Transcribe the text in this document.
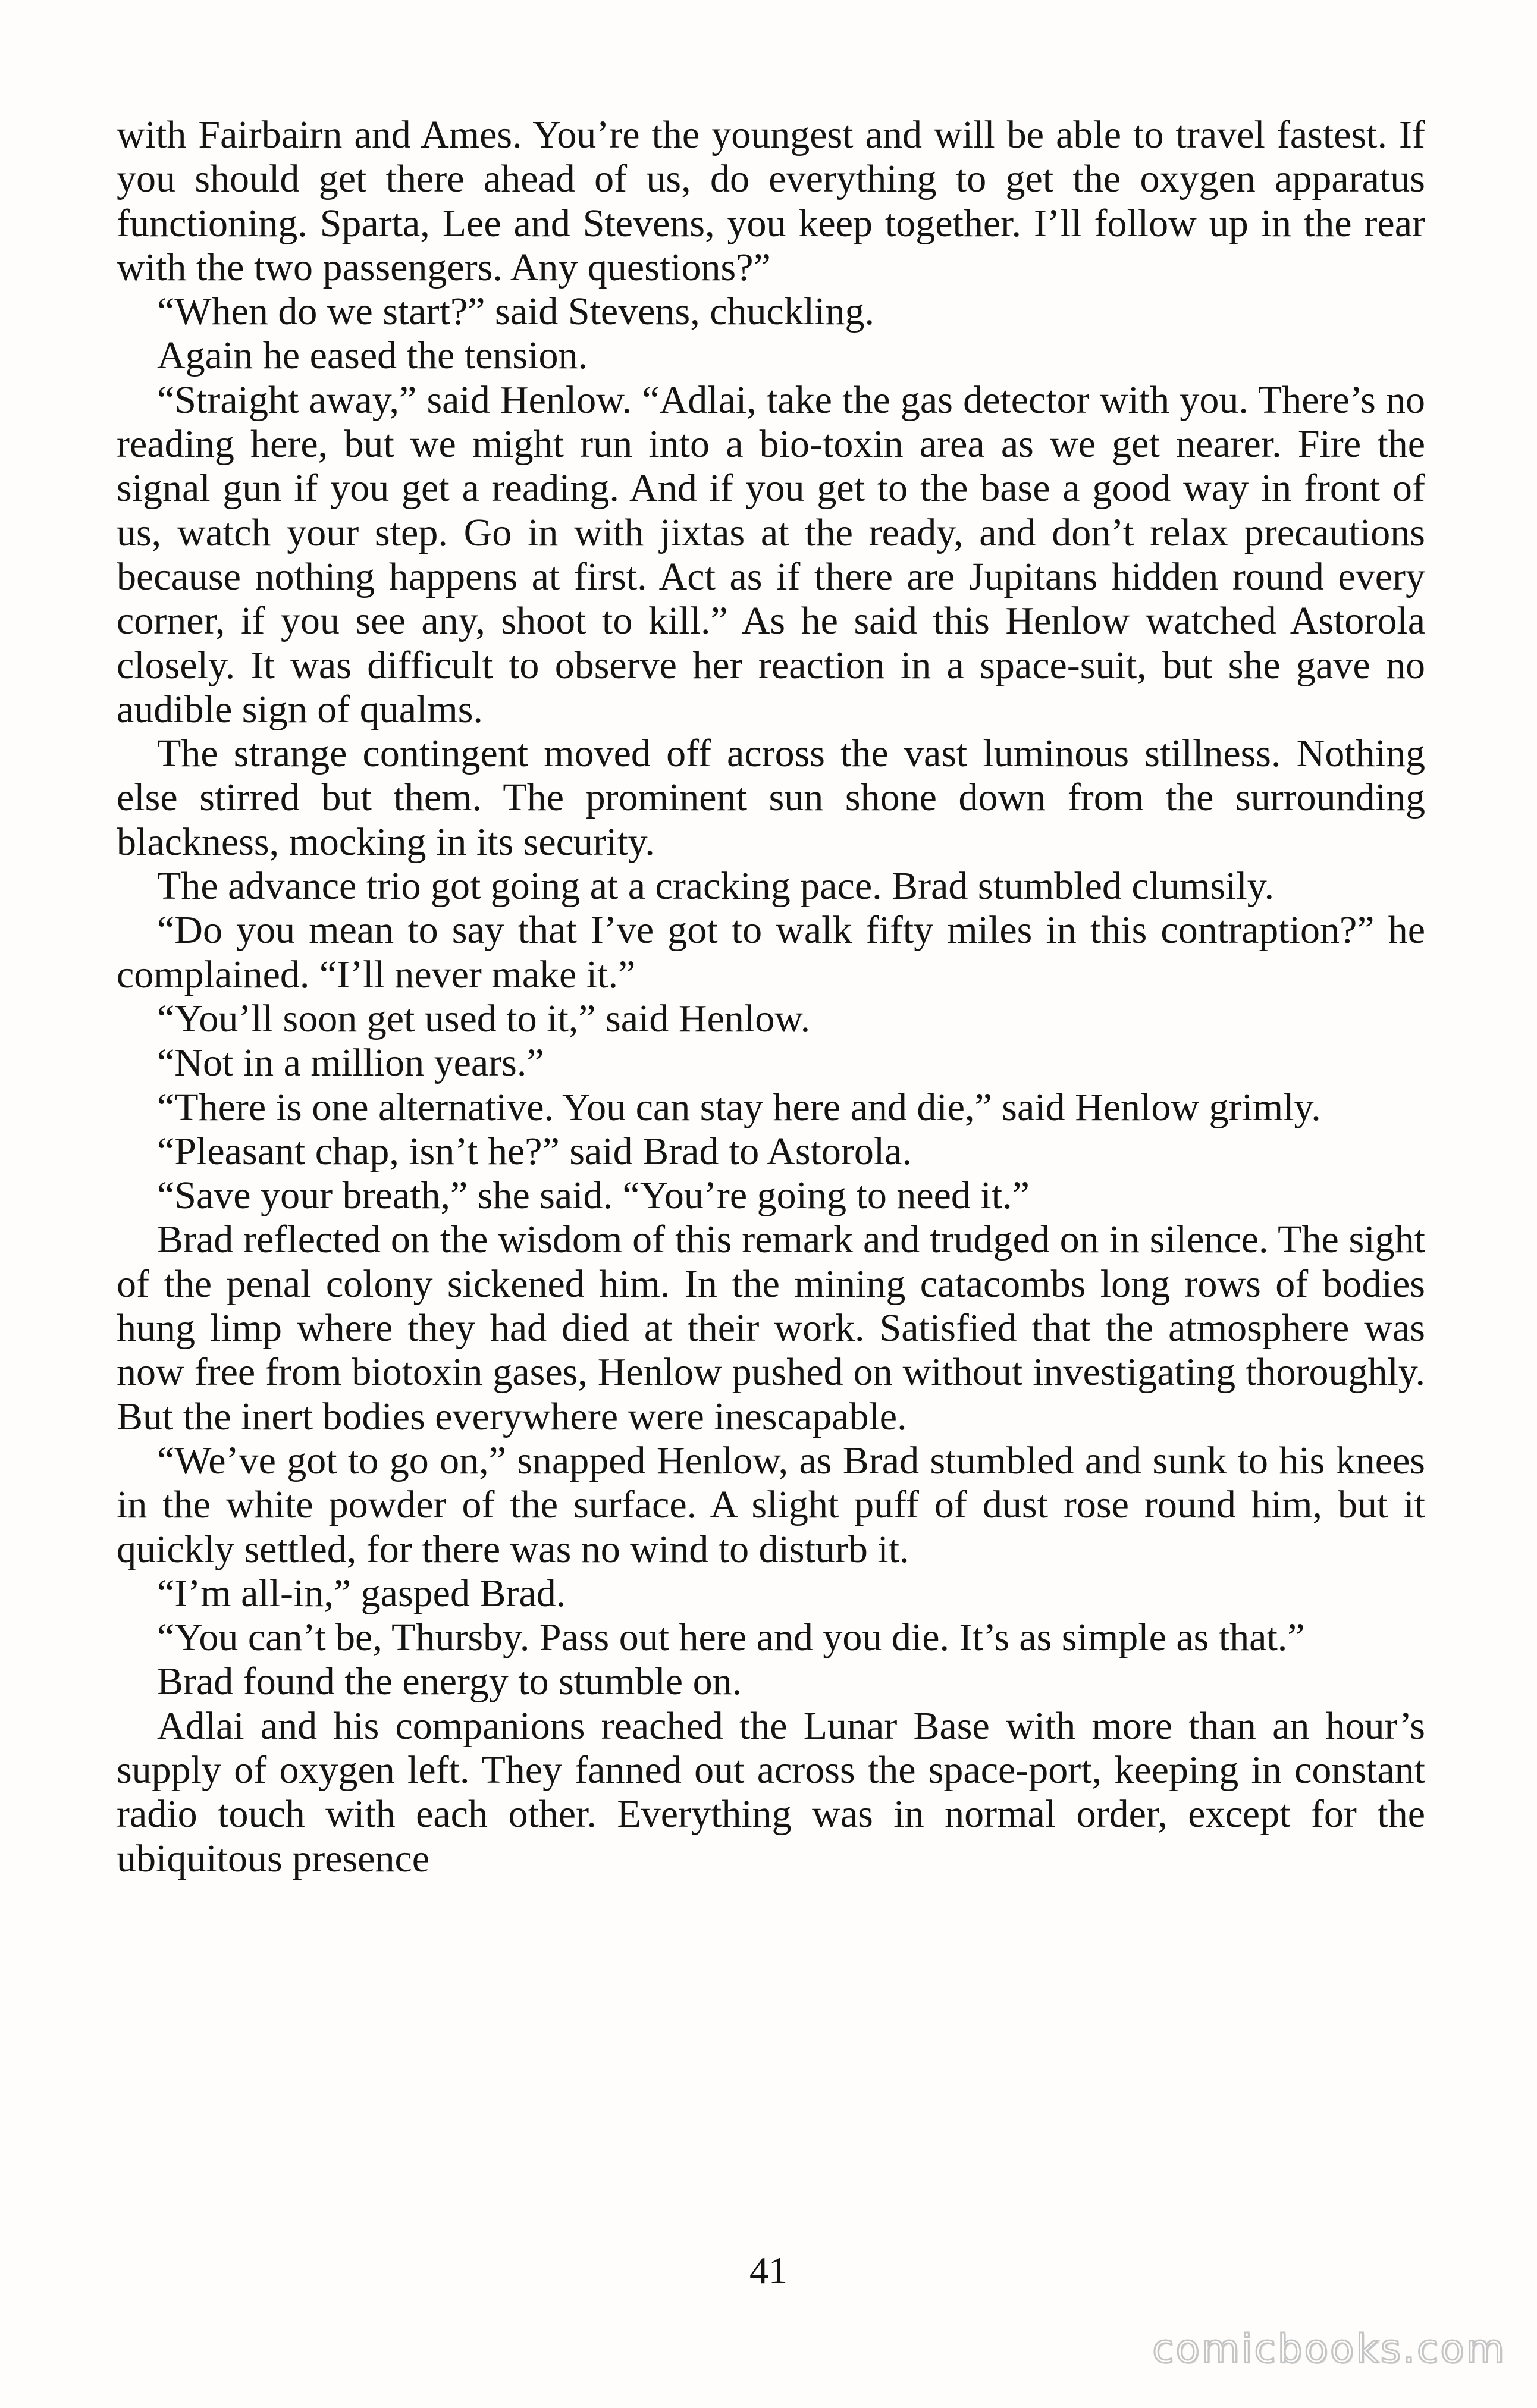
with Fairbairn and Ames. You’re the youngest and will be able to travel fastest. If you should get there ahead of us, do everything to get the oxygen apparatus functioning. Sparta, Lee and Stevens, you keep together. I’ll follow up in the rear with the two passengers. Any questions?”

“When do we start?” said Stevens, chuckling.

Again he eased the tension.

“Straight away,” said Henlow. “Adlai, take the gas detector with you. There’s no reading here, but we might run into a bio-toxin area as we get nearer. Fire the signal gun if you get a reading. And if you get to the base a good way in front of us, watch your step. Go in with jixtas at the ready, and don’t relax precautions because nothing happens at first. Act as if there are Jupitans hidden round every corner, if you see any, shoot to kill.” As he said this Henlow watched Astorola closely. It was difficult to observe her reaction in a space-suit, but she gave no audible sign of qualms.

The strange contingent moved off across the vast luminous stillness. Nothing else stirred but them. The prominent sun shone down from the surrounding blackness, mocking in its security.

The advance trio got going at a cracking pace. Brad stumbled clumsily.

“Do you mean to say that I’ve got to walk fifty miles in this contraption?” he complained. “I’ll never make it.”

“You’ll soon get used to it,” said Henlow.

“Not in a million years.”

“There is one alternative. You can stay here and die,” said Henlow grimly.

“Pleasant chap, isn’t he?” said Brad to Astorola.

“Save your breath,” she said. “You’re going to need it.”

Brad reflected on the wisdom of this remark and trudged on in silence. The sight of the penal colony sickened him. In the mining catacombs long rows of bodies hung limp where they had died at their work. Satisfied that the atmosphere was now free from biotoxin gases, Henlow pushed on without investigating thoroughly. But the inert bodies everywhere were inescapable.

“We’ve got to go on,” snapped Henlow, as Brad stumbled and sunk to his knees in the white powder of the surface. A slight puff of dust rose round him, but it quickly settled, for there was no wind to disturb it.

“I’m all-in,” gasped Brad.

“You can’t be, Thursby. Pass out here and you die. It’s as simple as that.”

Brad found the energy to stumble on.

Adlai and his companions reached the Lunar Base with more than an hour’s supply of oxygen left. They fanned out across the space-port, keeping in constant radio touch with each other. Everything was in normal order, except for the ubiquitous presence

41
comicbooks.com
